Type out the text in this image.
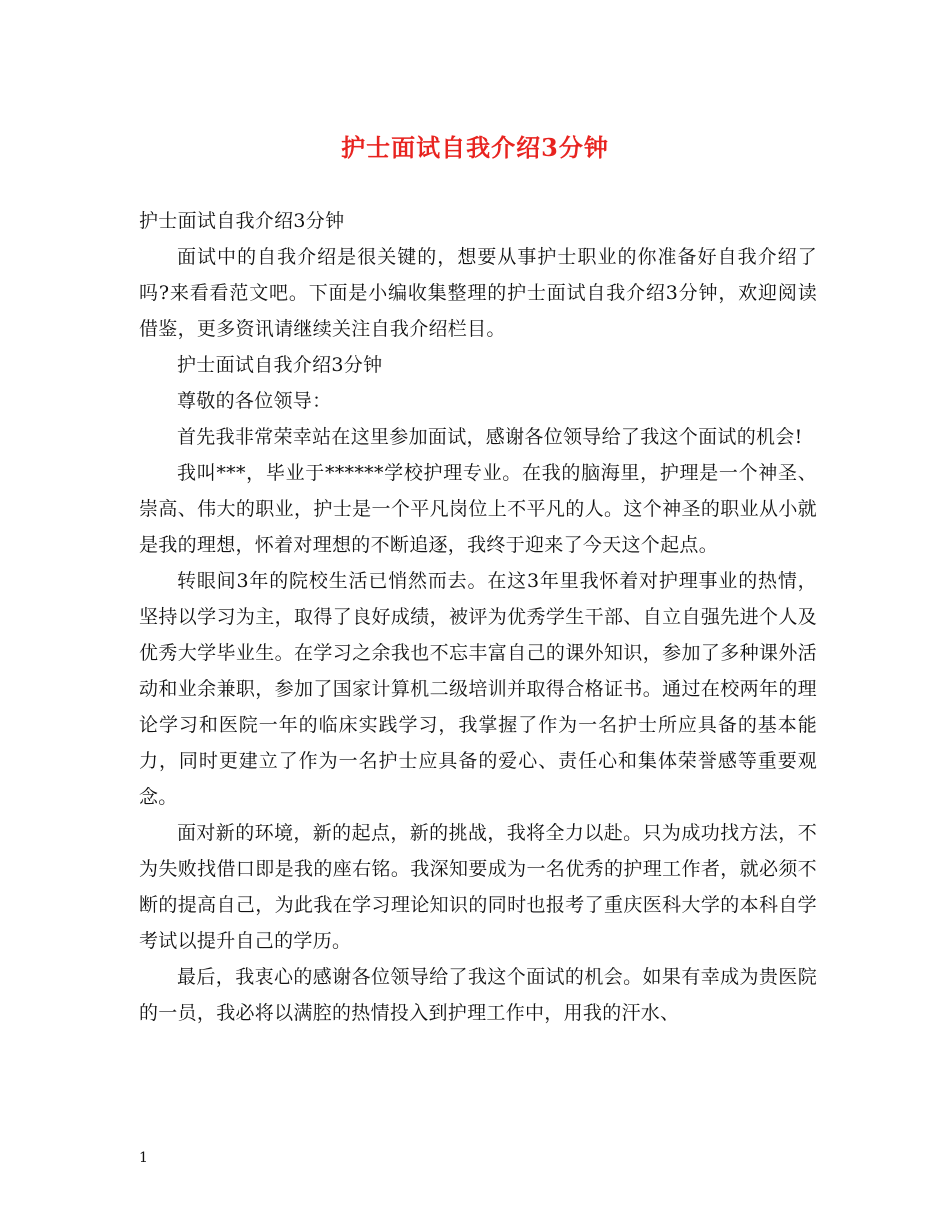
护士面试自我介绍3分钟

护士面试自我介绍3分钟

面试中的自我介绍是很关键的，想要从事护士职业的你准备好自我介绍了吗?来看看范文吧。下面是小编收集整理的护士面试自我介绍3分钟，欢迎阅读借鉴，更多资讯请继续关注自我介绍栏目。

护士面试自我介绍3分钟

尊敬的各位领导：

首先我非常荣幸站在这里参加面试，感谢各位领导给了我这个面试的机会!

我叫***，毕业于******学校护理专业。在我的脑海里，护理是一个神圣、崇高、伟大的职业，护士是一个平凡岗位上不平凡的人。这个神圣的职业从小就是我的理想，怀着对理想的不断追逐，我终于迎来了今天这个起点。

转眼间3年的院校生活已悄然而去。在这3年里我怀着对护理事业的热情，坚持以学习为主，取得了良好成绩，被评为优秀学生干部、自立自强先进个人及优秀大学毕业生。在学习之余我也不忘丰富自己的课外知识，参加了多种课外活动和业余兼职，参加了国家计算机二级培训并取得合格证书。通过在校两年的理论学习和医院一年的临床实践学习，我掌握了作为一名护士所应具备的基本能力，同时更建立了作为一名护士应具备的爱心、责任心和集体荣誉感等重要观念。

面对新的环境，新的起点，新的挑战，我将全力以赴。只为成功找方法，不为失败找借口即是我的座右铭。我深知要成为一名优秀的护理工作者，就必须不断的提高自己，为此我在学习理论知识的同时也报考了重庆医科大学的本科自学考试以提升自己的学历。

最后，我衷心的感谢各位领导给了我这个面试的机会。如果有幸成为贵医院的一员，我必将以满腔的热情投入到护理工作中，用我的汗水、

1
